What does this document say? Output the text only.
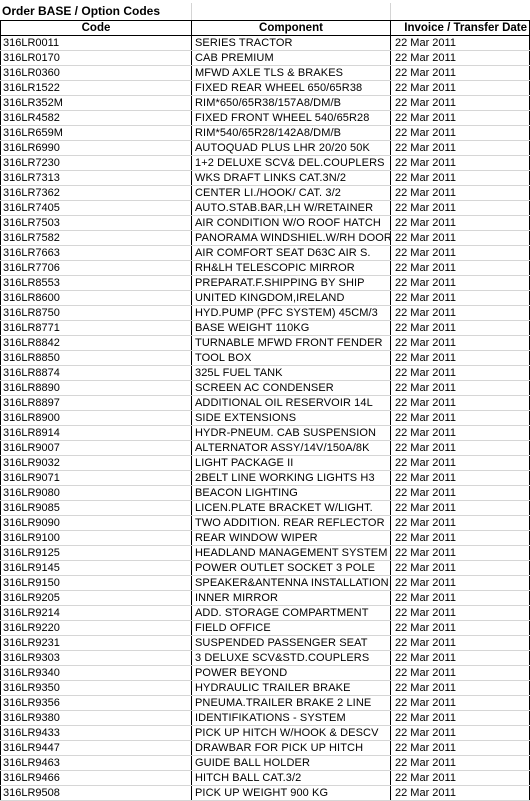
Order BASE / Option Codes
Code	Component	Invoice / Transfer Date
316LR0011	SERIES TRACTOR	22 Mar 2011
316LR0170	CAB PREMIUM	22 Mar 2011
316LR0360	MFWD AXLE TLS & BRAKES	22 Mar 2011
316LR1522	FIXED REAR WHEEL 650/65R38	22 Mar 2011
316LR352M	RIM*650/65R38/157A8/DM/B	22 Mar 2011
316LR4582	FIXED FRONT WHEEL 540/65R28	22 Mar 2011
316LR659M	RIM*540/65R28/142A8/DM/B	22 Mar 2011
316LR6990	AUTOQUAD PLUS LHR 20/20 50K	22 Mar 2011
316LR7230	1+2 DELUXE SCV& DEL.COUPLERS	22 Mar 2011
316LR7313	WKS DRAFT LINKS CAT.3N/2	22 Mar 2011
316LR7362	CENTER LI./HOOK/ CAT. 3/2	22 Mar 2011
316LR7405	AUTO.STAB.BAR,LH W/RETAINER	22 Mar 2011
316LR7503	AIR CONDITION W/O ROOF HATCH	22 Mar 2011
316LR7582	PANORAMA WINDSHIEL.W/RH DOOR	22 Mar 2011
316LR7663	AIR COMFORT SEAT D63C AIR S.	22 Mar 2011
316LR7706	RH&LH TELESCOPIC MIRROR	22 Mar 2011
316LR8553	PREPARAT.F.SHIPPING BY SHIP	22 Mar 2011
316LR8600	UNITED KINGDOM,IRELAND	22 Mar 2011
316LR8750	HYD.PUMP (PFC SYSTEM) 45CM/3	22 Mar 2011
316LR8771	BASE WEIGHT 110KG	22 Mar 2011
316LR8842	TURNABLE MFWD FRONT FENDER	22 Mar 2011
316LR8850	TOOL BOX	22 Mar 2011
316LR8874	325L FUEL TANK	22 Mar 2011
316LR8890	SCREEN AC CONDENSER	22 Mar 2011
316LR8897	ADDITIONAL OIL RESERVOIR 14L	22 Mar 2011
316LR8900	SIDE EXTENSIONS	22 Mar 2011
316LR8914	HYDR-PNEUM. CAB SUSPENSION	22 Mar 2011
316LR9007	ALTERNATOR ASSY/14V/150A/8K	22 Mar 2011
316LR9032	LIGHT PACKAGE II	22 Mar 2011
316LR9071	2BELT LINE WORKING LIGHTS H3	22 Mar 2011
316LR9080	BEACON LIGHTING	22 Mar 2011
316LR9085	LICEN.PLATE BRACKET W/LIGHT.	22 Mar 2011
316LR9090	TWO ADDITION. REAR REFLECTOR	22 Mar 2011
316LR9100	REAR WINDOW WIPER	22 Mar 2011
316LR9125	HEADLAND MANAGEMENT SYSTEM	22 Mar 2011
316LR9145	POWER OUTLET SOCKET 3 POLE	22 Mar 2011
316LR9150	SPEAKER&ANTENNA INSTALLATION	22 Mar 2011
316LR9205	INNER MIRROR	22 Mar 2011
316LR9214	ADD. STORAGE COMPARTMENT	22 Mar 2011
316LR9220	FIELD OFFICE	22 Mar 2011
316LR9231	SUSPENDED PASSENGER SEAT	22 Mar 2011
316LR9303	3 DELUXE SCV&STD.COUPLERS	22 Mar 2011
316LR9340	POWER BEYOND	22 Mar 2011
316LR9350	HYDRAULIC TRAILER BRAKE	22 Mar 2011
316LR9356	PNEUMA.TRAILER BRAKE 2 LINE	22 Mar 2011
316LR9380	IDENTIFIKATIONS - SYSTEM	22 Mar 2011
316LR9433	PICK UP HITCH W/HOOK & DESCV	22 Mar 2011
316LR9447	DRAWBAR FOR PICK UP HITCH	22 Mar 2011
316LR9463	GUIDE BALL HOLDER	22 Mar 2011
316LR9466	HITCH BALL CAT.3/2	22 Mar 2011
316LR9508	PICK UP WEIGHT 900 KG	22 Mar 2011
